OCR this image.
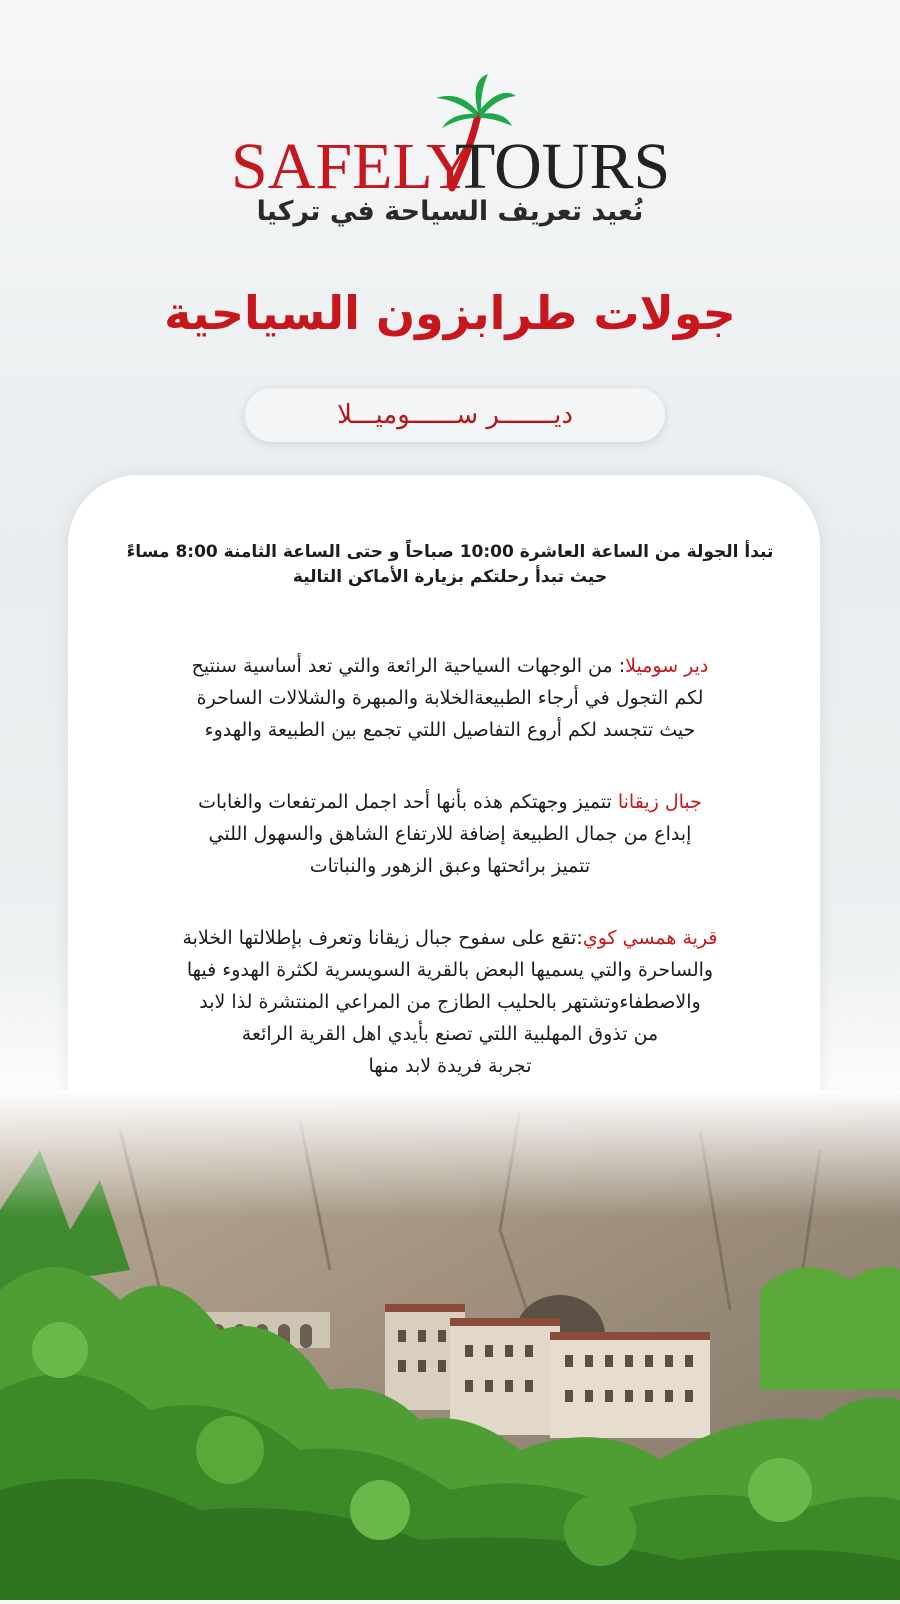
SAFELY
TOURS
نُعيد تعريف السياحة في تركيا
جولات طرابزون السياحية
ديـــــــر ســــــوميـــلا

تبدأ الجولة من الساعة العاشرة 10:00 صباحاً و حتى الساعة الثامنة 8:00 مساءً
حيث تبدأ رحلتكم بزيارة الأماكن التالية

دير سوميلا: من الوجهات السياحية الرائعة والتي تعد أساسية سنتيح
لكم التجول في أرجاء الطبيعةالخلابة والمبهرة والشلالات الساحرة
حيث تتجسد لكم أروع التفاصيل اللتي تجمع بين الطبيعة والهدوء

جبال زيقانا تتميز وجهتكم هذه بأنها أحد اجمل المرتفعات والغابات
إبداع من جمال الطبيعة إضافة للارتفاع الشاهق والسهول اللتي
تتميز برائحتها وعبق الزهور والنباتات

قرية همسي كوي:تقع على سفوح جبال زيقانا وتعرف بإطلالتها الخلابة
والساحرة والتي يسميها البعض بالقرية السويسرية لكثرة الهدوء فيها
والاصطفاءوتشتهر بالحليب الطازج من المراعي المنتشرة لذا لابد
من تذوق المهلبية اللتي تصنع بأيدي اهل القرية الرائعة
تجربة فريدة لابد منها
